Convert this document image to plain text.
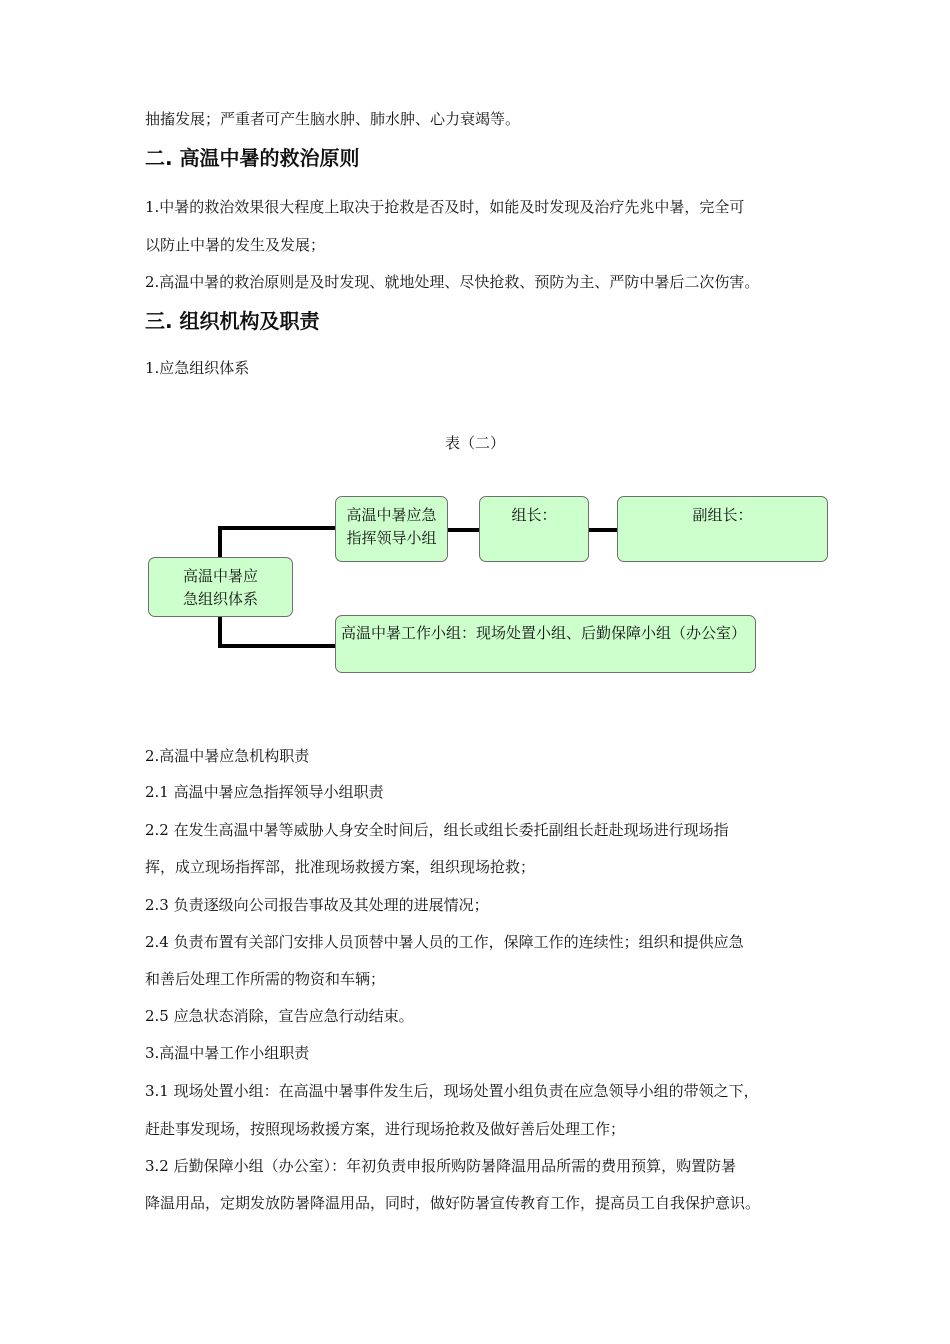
抽搐发展；严重者可产生脑水肿、肺水肿、心力衰竭等。
二. 高温中暑的救治原则
1.中暑的救治效果很大程度上取决于抢救是否及时，如能及时发现及治疗先兆中暑，完全可
以防止中暑的发生及发展；
2.高温中暑的救治原则是及时发现、就地处理、尽快抢救、预防为主、严防中暑后二次伤害。
三. 组织机构及职责
1.应急组织体系
表（二）
高温中暑应急组织体系
高温中暑应急指挥领导小组
组长：	副组长：
高温中暑工作小组：现场处置小组、后勤保障小组（办公室）
2.高温中暑应急机构职责
2.1 高温中暑应急指挥领导小组职责
2.2 在发生高温中暑等威胁人身安全时间后，组长或组长委托副组长赶赴现场进行现场指
挥，成立现场指挥部，批准现场救援方案，组织现场抢救；
2.3 负责逐级向公司报告事故及其处理的进展情况；
2.4 负责布置有关部门安排人员顶替中暑人员的工作，保障工作的连续性；组织和提供应急
和善后处理工作所需的物资和车辆；
2.5 应急状态消除，宣告应急行动结束。
3.高温中暑工作小组职责
3.1 现场处置小组：在高温中暑事件发生后，现场处置小组负责在应急领导小组的带领之下，
赶赴事发现场，按照现场救援方案，进行现场抢救及做好善后处理工作；
3.2 后勤保障小组（办公室）：年初负责申报所购防暑降温用品所需的费用预算，购置防暑
降温用品，定期发放防暑降温用品，同时，做好防暑宣传教育工作，提高员工自我保护意识。
